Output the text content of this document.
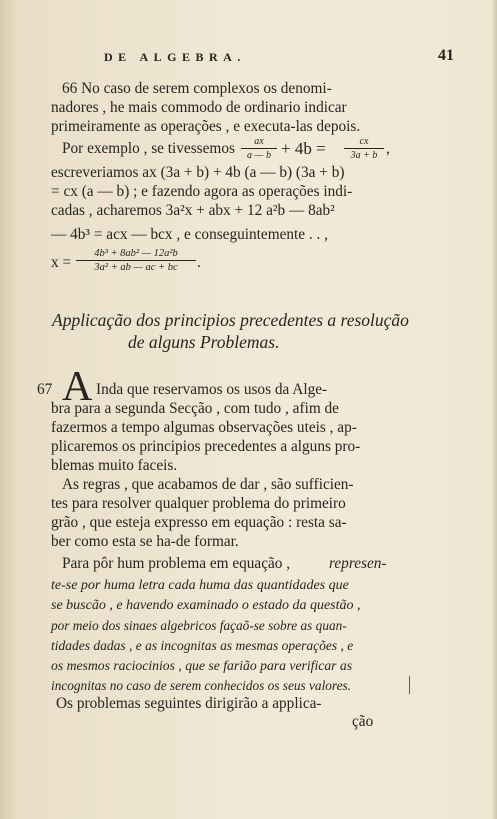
DE ALGEBRA.	41
66 No caso de serem complexos os denomi-
nadores , he mais commodo de ordinario indicar
primeiramente as operações , e executa-las depois.
Por exemplo , se tivessemos	ax
a — b + 4b =	cx
3a + b ,
escreveriamos ax (3a + b) + 4b (a — b) (3a + b)
= cx (a — b) ; e fazendo agora as operações indi-
cadas , acharemos 3a²x + abx + 12 a²b — 8ab²
— 4b³ = acx — bcx , e conseguintemente . . ,
x =
4b³ + 8ab² — 12a²b
3a² + ab — ac + bc	.
Applicação dos principios precedentes a resolução
de alguns Problemas.
67 A Inda que reservamos os usos da Alge-
bra para a segunda Secção , com tudo , afim de
fazermos a tempo algumas observações uteis , ap-
plicaremos os principios precedentes a alguns pro-
blemas muito faceis.
As regras , que acabamos de dar , são sufficien-
tes para resolver qualquer problema do primeiro
grão , que esteja expresso em equação : resta sa-
ber como esta se ha-de formar.
Para pôr hum problema em equação ,	represen-
te-se por huma letra cada huma das quantidades que
se buscão , e havendo examinado o estado da questão ,
por meio dos sinaes algebricos façaõ-se sobre as quan-
tidades dadas , e as incognitas as mesmas operações , e
os mesmos raciocinios , que se farião para verificar as
incognitas no caso de serem conhecidos os seus valores.
Os problemas seguintes dirigirão a applica-
ção
